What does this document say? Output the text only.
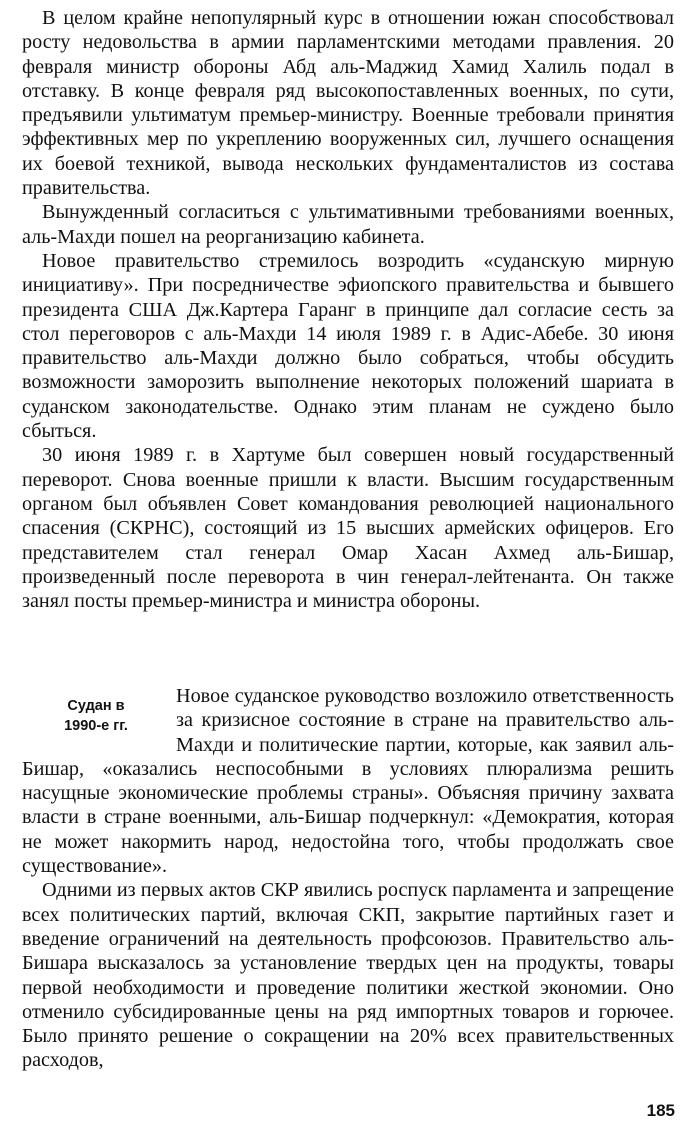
В целом крайне непопулярный курс в отношении южан способствовал росту недовольства в армии парламентскими методами правления. 20 февраля министр обороны Абд аль-Маджид Хамид Халиль подал в отставку. В конце февраля ряд высокопоставленных военных, по сути, предъявили ультиматум премьер-министру. Военные требовали принятия эффективных мер по укреплению вооруженных сил, лучшего оснащения их боевой техникой, вывода нескольких фундаменталистов из состава правительства.

Вынужденный согласиться с ультимативными требованиями военных, аль-Махди пошел на реорганизацию кабинета.

Новое правительство стремилось возродить «суданскую мирную инициативу». При посредничестве эфиопского правительства и бывшего президента США Дж.Картера Гаранг в принципе дал согласие сесть за стол переговоров с аль-Махди 14 июля 1989 г. в Адис-Абебе. 30 июня правительство аль-Махди должно было собраться, чтобы обсудить возможности заморозить выполнение некоторых положений шариата в суданском законодательстве. Однако этим планам не суждено было сбыться.

30 июня 1989 г. в Хартуме был совершен новый государственный переворот. Снова военные пришли к власти. Высшим государственным органом был объявлен Совет командования революцией национального спасения (СКРНС), состоящий из 15 высших армейских офицеров. Его представителем стал генерал Омар Хасан Ахмед аль-Бишар, произведенный после переворота в чин генерал-лейтенанта. Он также занял посты премьер-министра и министра обороны.

Судан в
1990-е гг.

Новое суданское руководство возложило ответственность за кризисное состояние в стране на правительство аль-Махди и политические партии, которые, как заявил аль-Бишар, «оказались неспособными в условиях плюрализма решить насущные экономические проблемы страны». Объясняя причину захвата власти в стране военными, аль-Бишар подчеркнул: «Демократия, которая не может накормить народ, недостойна того, чтобы продолжать свое существование».

Одними из первых актов СКР явились роспуск парламента и запрещение всех политических партий, включая СКП, закрытие партийных газет и введение ограничений на деятельность профсоюзов. Правительство аль-Бишара высказалось за установление твердых цен на продукты, товары первой необходимости и проведение политики жесткой экономии. Оно отменило субсидированные цены на ряд импортных товаров и горючее. Было принято решение о сокращении на 20% всех правительственных расходов,

185
